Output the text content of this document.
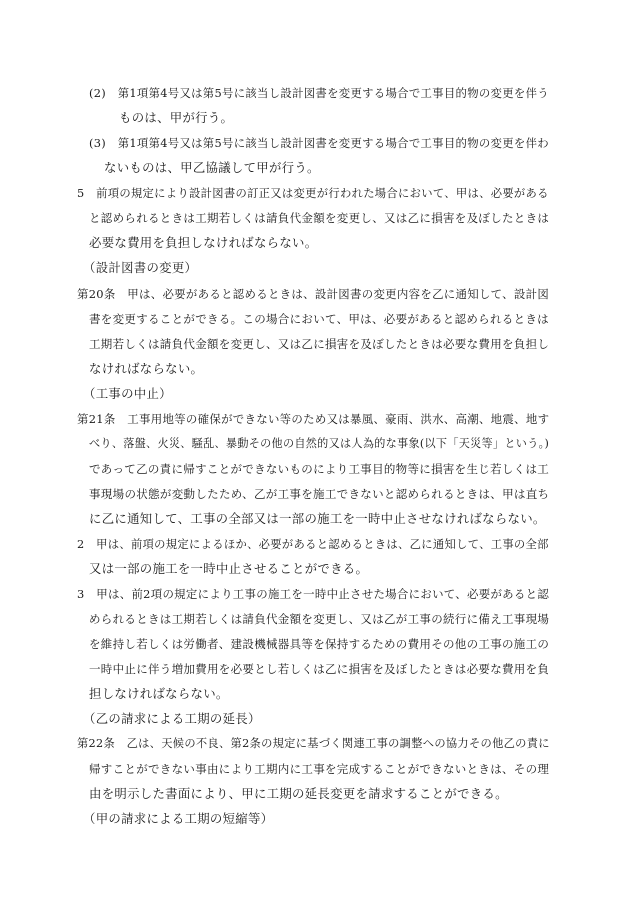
(2)　第1項第4号又は第5号に該当し設計図書を変更する場合で工事目的物の変更を伴う
ものは、甲が行う。
(3)　第1項第4号又は第5号に該当し設計図書を変更する場合で工事目的物の変更を伴わ
ないものは、甲乙協議して甲が行う。
5　前項の規定により設計図書の訂正又は変更が行われた場合において、甲は、必要がある
と認められるときは工期若しくは請負代金額を変更し、又は乙に損害を及ぼしたときは
必要な費用を負担しなければならない。
（設計図書の変更）
第20条　甲は、必要があると認めるときは、設計図書の変更内容を乙に通知して、設計図
書を変更することができる。この場合において、甲は、必要があると認められるときは
工期若しくは請負代金額を変更し、又は乙に損害を及ぼしたときは必要な費用を負担し
なければならない。
（工事の中止）
第21条　工事用地等の確保ができない等のため又は暴風、豪雨、洪水、高潮、地震、地す
べり、落盤、火災、騒乱、暴動その他の自然的又は人為的な事象(以下「天災等」という。)
であって乙の責に帰すことができないものにより工事目的物等に損害を生じ若しくは工
事現場の状態が変動したため、乙が工事を施工できないと認められるときは、甲は直ち
に乙に通知して、工事の全部又は一部の施工を一時中止させなければならない。
2　甲は、前項の規定によるほか、必要があると認めるときは、乙に通知して、工事の全部
又は一部の施工を一時中止させることができる。
3　甲は、前2項の規定により工事の施工を一時中止させた場合において、必要があると認
められるときは工期若しくは請負代金額を変更し、又は乙が工事の続行に備え工事現場
を維持し若しくは労働者、建設機械器具等を保持するための費用その他の工事の施工の
一時中止に伴う増加費用を必要とし若しくは乙に損害を及ぼしたときは必要な費用を負
担しなければならない。
（乙の請求による工期の延長）
第22条　乙は、天候の不良、第2条の規定に基づく関連工事の調整への協力その他乙の責に
帰すことができない事由により工期内に工事を完成することができないときは、その理
由を明示した書面により、甲に工期の延長変更を請求することができる。
（甲の請求による工期の短縮等）
